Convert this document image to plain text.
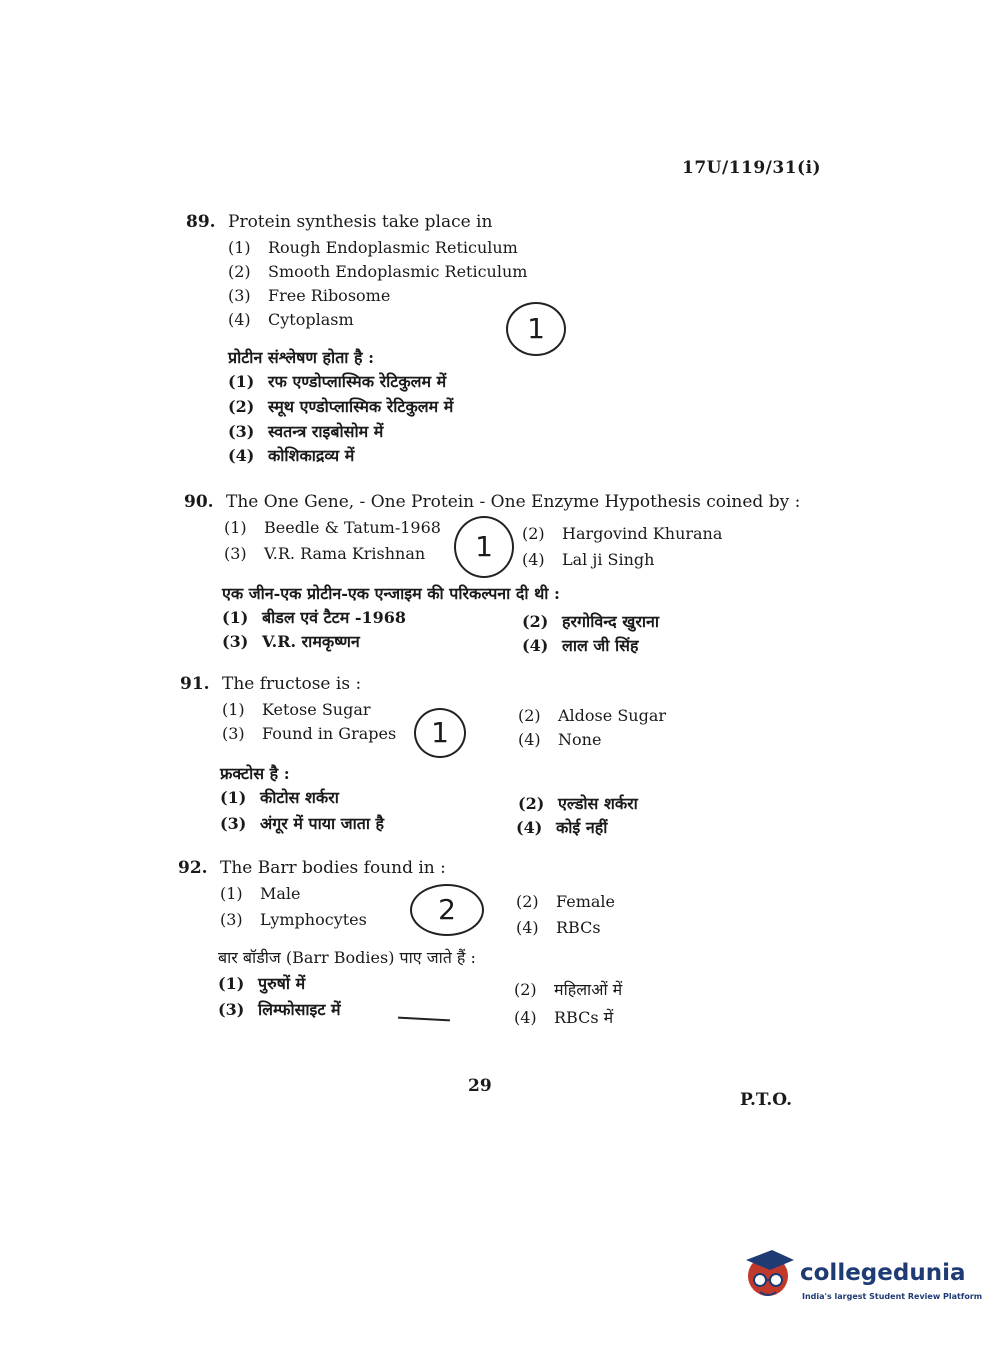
17U/119/31(i)
89. Protein synthesis take place in
(1) Rough Endoplasmic Reticulum
(2) Smooth Endoplasmic Reticulum
(3) Free Ribosome
(4) Cytoplasm	1
प्रोटीन संश्लेषण होता है :
(1) रफ एण्डोप्लास्मिक रेटिकुलम में
(2) स्मूथ एण्डोप्लास्मिक रेटिकुलम में
(3) स्वतन्त्र राइबोसोम में
(4) कोशिकाद्रव्य में
90. The One Gene, - One Protein - One Enzyme Hypothesis coined by :
(1) Beedle & Tatum-1968	(2) Hargovind Khurana
(3) V.R. Rama Krishnan	(4) Lal ji Singh
1
एक जीन-एक प्रोटीन-एक एन्जाइम की परिकल्पना दी थी :
(1) बीडल एवं टैटम -1968	(2) हरगोविन्द खुराना
(3) V.R. रामकृष्णन	(4) लाल जी सिंह
91. The fructose is :
(1) Ketose Sugar	(2) Aldose Sugar
(3) Found in Grapes	(4) None
1
फ्रक्टोस है :
(1) कीटोस शर्करा	(2) एल्डोस शर्करा
(3) अंगूर में पाया जाता है	(4) कोई नहीं
92. The Barr bodies found in :
(1) Male	(2) Female
(3) Lymphocytes	(4) RBCs
2
बार बॉडीज (Barr Bodies) पाए जाते हैं :
(1) पुरुषों में	(2) महिलाओं में
(3) लिम्फोसाइट में	(4) RBCs में
29
P.T.O.
collegedunia
India's largest Student Review Platform
